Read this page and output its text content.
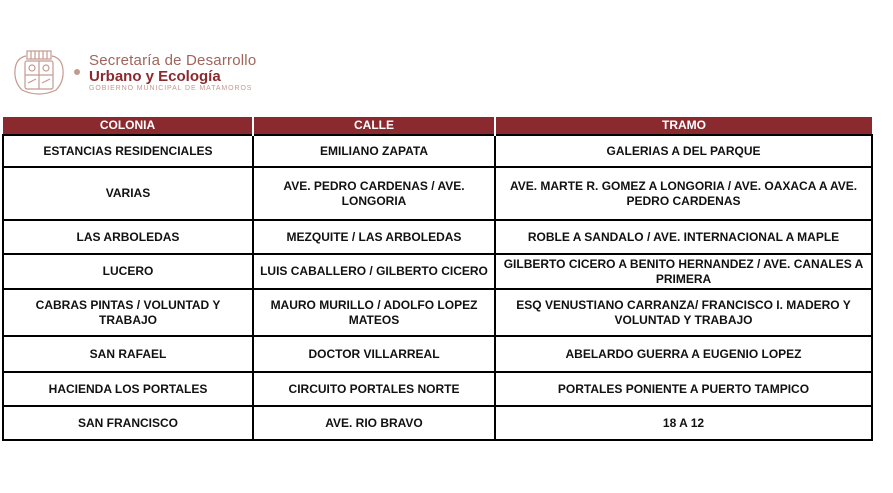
Secretaría de Desarrollo
Urbano y Ecología
GOBIERNO MUNICIPAL DE MATAMOROS
COLONIA	CALLE	TRAMO
ESTANCIAS RESIDENCIALES	EMILIANO ZAPATA	GALERIAS A DEL PARQUE
VARIAS	AVE. PEDRO CARDENAS / AVE. LONGORIA	AVE. MARTE R. GOMEZ A LONGORIA / AVE. OAXACA A AVE. PEDRO CARDENAS
LAS ARBOLEDAS	MEZQUITE / LAS ARBOLEDAS	ROBLE A SANDALO / AVE. INTERNACIONAL A MAPLE
LUCERO	LUIS CABALLERO / GILBERTO CICERO	GILBERTO CICERO A BENITO HERNANDEZ / AVE. CANALES A PRIMERA
CABRAS PINTAS / VOLUNTAD Y TRABAJO	MAURO MURILLO / ADOLFO LOPEZ MATEOS	ESQ VENUSTIANO CARRANZA/ FRANCISCO I. MADERO Y VOLUNTAD Y TRABAJO
SAN RAFAEL	DOCTOR VILLARREAL	ABELARDO GUERRA A EUGENIO LOPEZ
HACIENDA LOS PORTALES	CIRCUITO PORTALES NORTE	PORTALES PONIENTE A PUERTO TAMPICO
SAN FRANCISCO	AVE. RIO BRAVO	18 A 12
